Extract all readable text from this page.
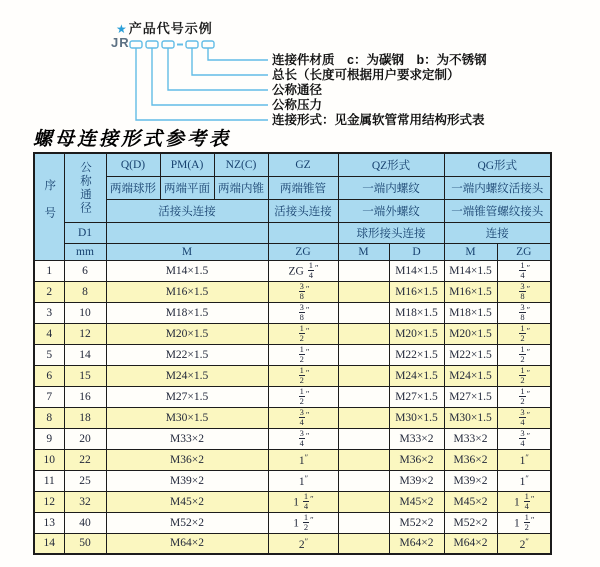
★产品代号示例
JR
连接件材质　c：为碳钢　b：为不锈钢
总长（长度可根据用户要求定制）
公称通径
公称压力
连接形式：见金属软管常用结构形式表
螺母连接形式参考表
序号	公称通径	Q(D)	PM(A)	NZ(C)	GZ	QZ形式		QG形式	
		两端球形	两端平面	两端内锥	两端锥管	一端内螺纹		一端内螺纹活接头	
		活接头连接			活接头连接	一端外螺纹		一端锥管螺纹接头	
	D1					球形接头连接		连接	
	mm	M			ZG	M	D	M	ZG
1	6	M14×1.5			ZG $\frac{1}{4} ''$		M14×1.5	M14×1.5	$\frac{1}{4} ''$
2	8	M16×1.5			$\frac{3}{8} ''$		M16×1.5	M16×1.5	$\frac{3}{8} ''$
3	10	M18×1.5			$\frac{3}{8} ''$		M18×1.5	M18×1.5	$\frac{3}{8} ''$
4	12	M20×1.5			$\frac{1}{2} ''$		M20×1.5	M20×1.5	$\frac{1}{2} ''$
5	14	M22×1.5			$\frac{1}{2} ''$		M22×1.5	M22×1.5	$\frac{1}{2} ''$
6	15	M24×1.5			$\frac{1}{2} ''$		M24×1.5	M24×1.5	$\frac{1}{2} ''$
7	16	M27×1.5			$\frac{1}{2} ''$		M27×1.5	M27×1.5	$\frac{1}{2} ''$
8	18	M30×1.5			$\frac{3}{4} ''$		M30×1.5	M30×1.5	$\frac{3}{4} ''$
9	20	M33×2			$\frac{3}{4} ''$		M33×2	M33×2	$\frac{3}{4} ''$
10	22	M36×2			1″		M36×2	M36×2	1″
11	25	M39×2			1″		M39×2	M39×2	1″
12	32	M45×2			$1 \frac{1}{4} ''$		M45×2	M45×2	$1 \frac{1}{4} ''$
13	40	M52×2			$1 \frac{1}{2} ''$		M52×2	M52×2	$1 \frac{1}{2} ''$
14	50	M64×2			2″		M64×2	M64×2	2″
